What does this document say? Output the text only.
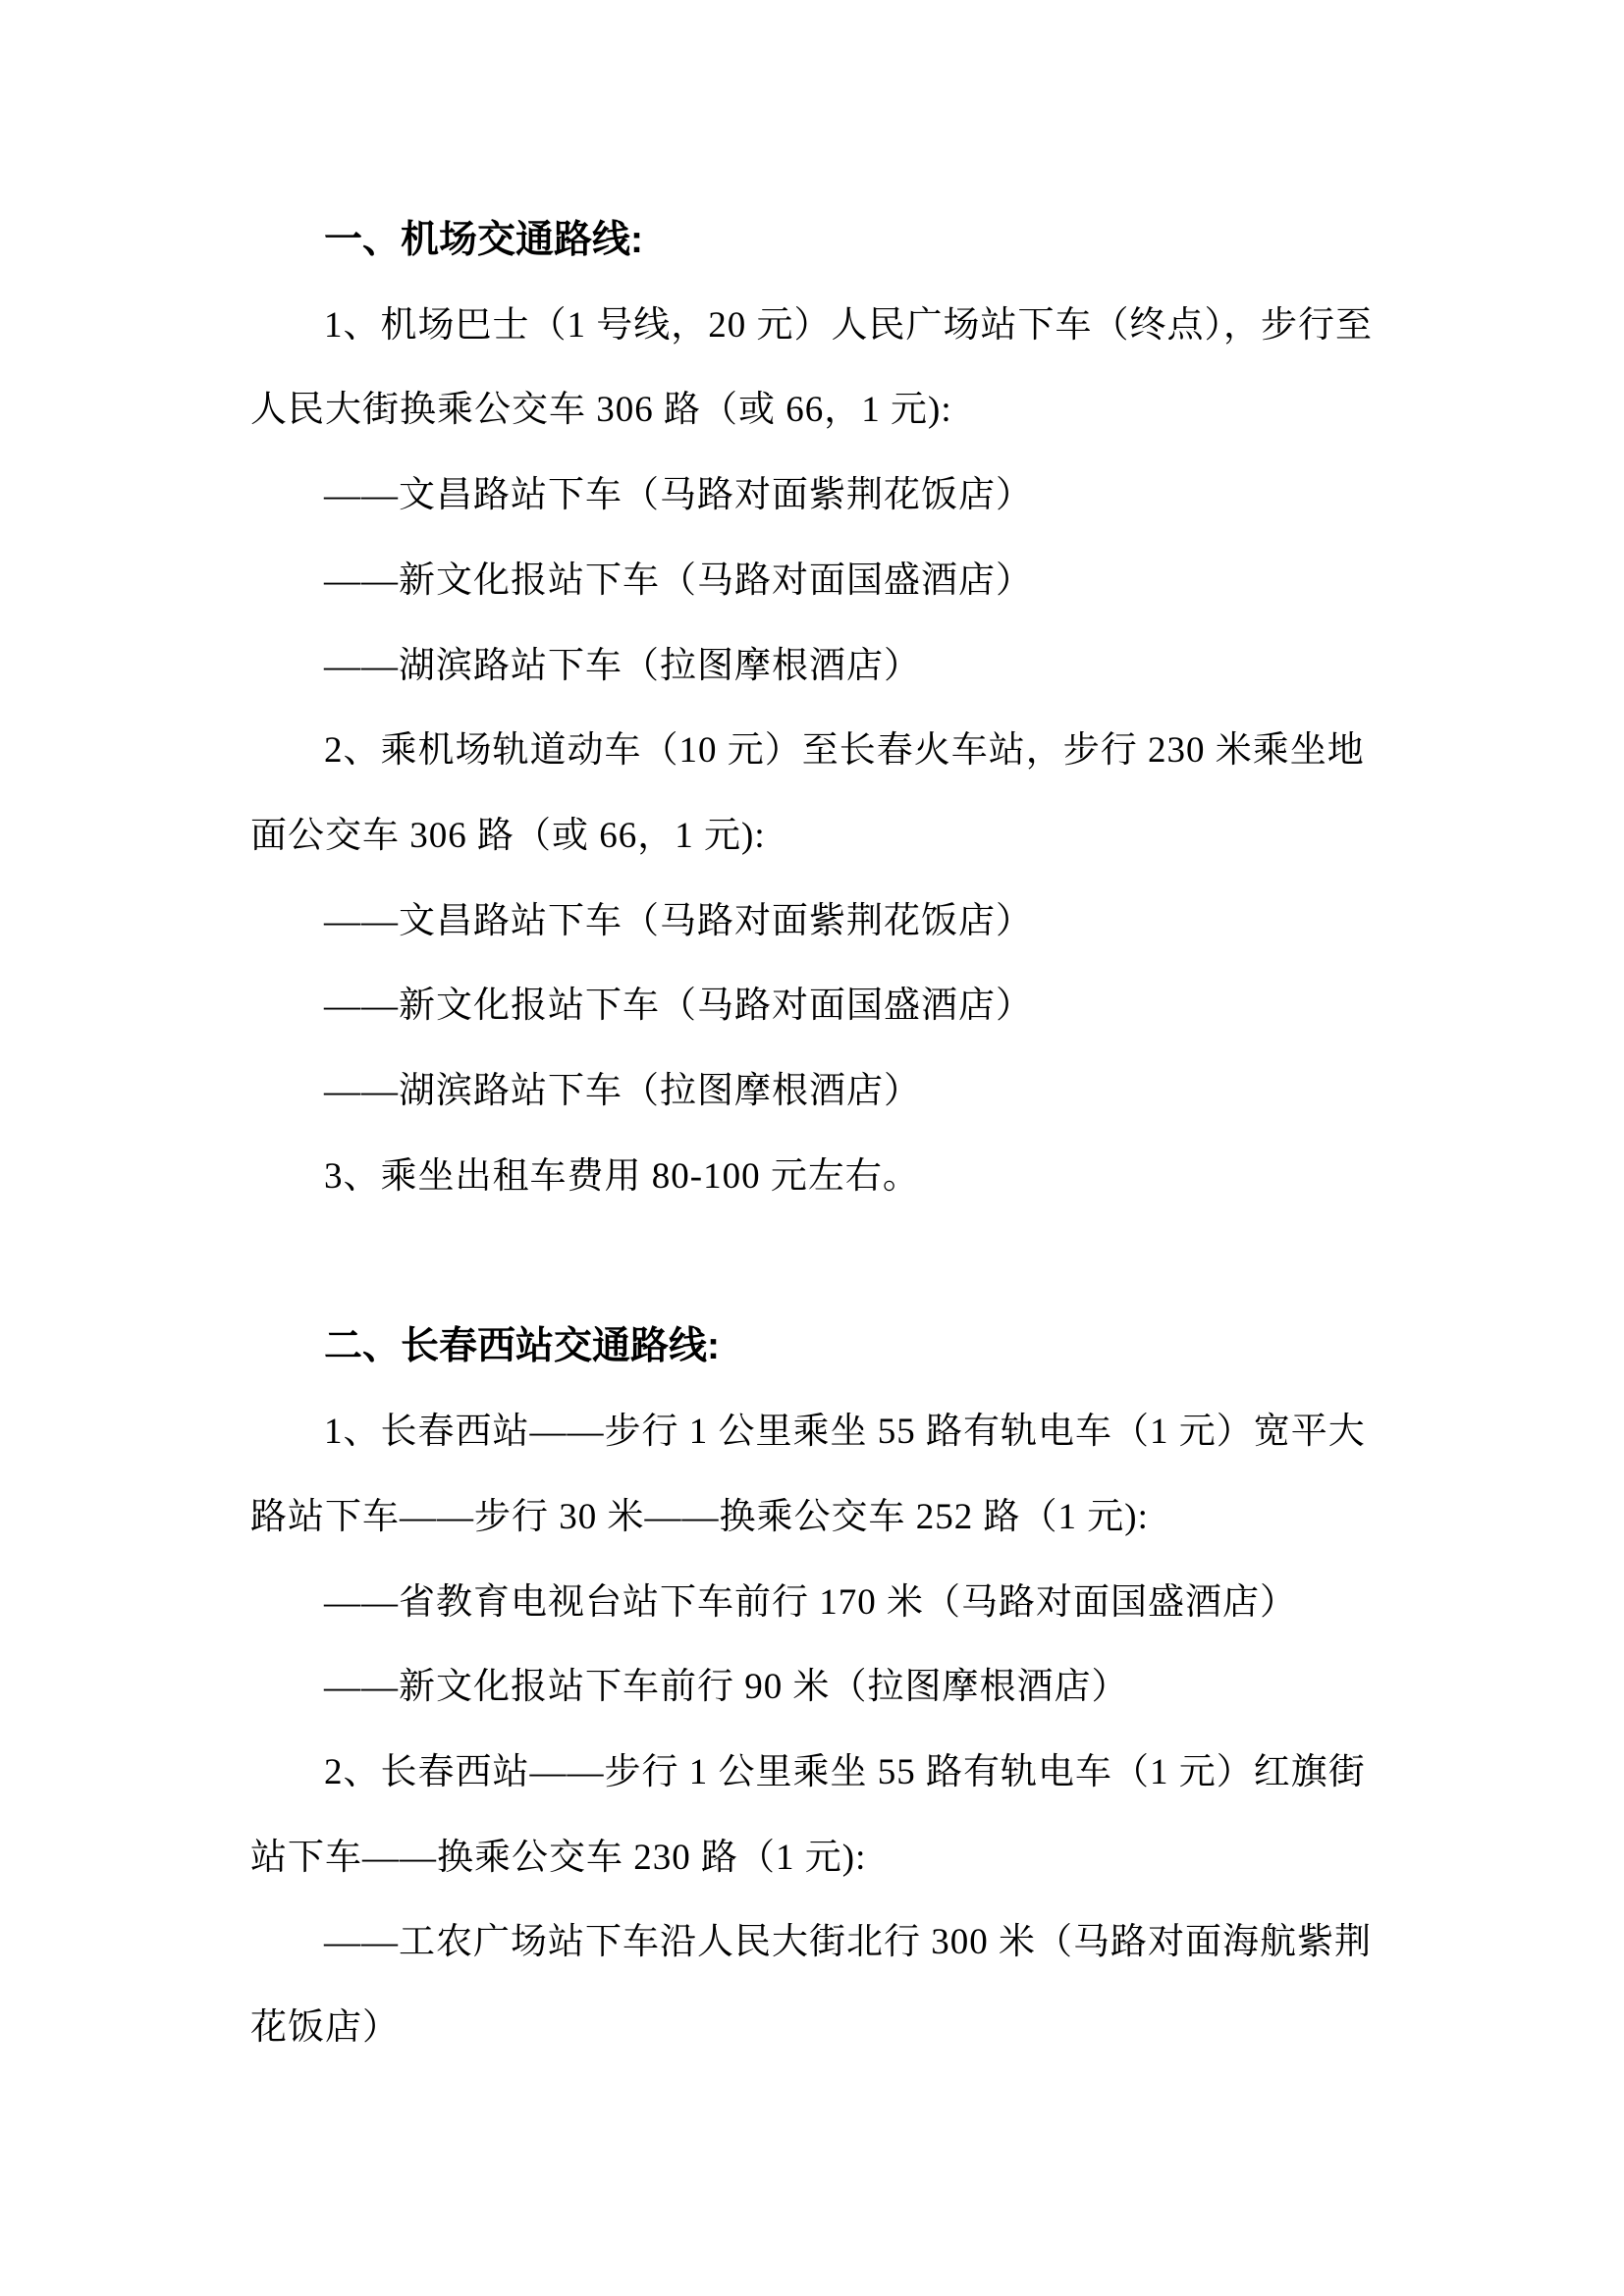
一、机场交通路线:

1、机场巴士（1 号线，20 元）人民广场站下车（终点），步行至

人民大街换乘公交车 306 路（或 66，1 元):

——文昌路站下车（马路对面紫荆花饭店）

——新文化报站下车（马路对面国盛酒店）

——湖滨路站下车（拉图摩根酒店）

2、乘机场轨道动车（10 元）至长春火车站，步行 230 米乘坐地

面公交车 306 路（或 66，1 元):

——文昌路站下车（马路对面紫荆花饭店）

——新文化报站下车（马路对面国盛酒店）

——湖滨路站下车（拉图摩根酒店）

3、乘坐出租车费用 80-100 元左右。

二、长春西站交通路线:

1、长春西站——步行 1 公里乘坐 55 路有轨电车（1 元）宽平大

路站下车——步行 30 米——换乘公交车 252 路（1 元):

——省教育电视台站下车前行 170 米（马路对面国盛酒店）

——新文化报站下车前行 90 米（拉图摩根酒店）

2、长春西站——步行 1 公里乘坐 55 路有轨电车（1 元）红旗街

站下车——换乘公交车 230 路（1 元):

——工农广场站下车沿人民大街北行 300 米（马路对面海航紫荆

花饭店）
